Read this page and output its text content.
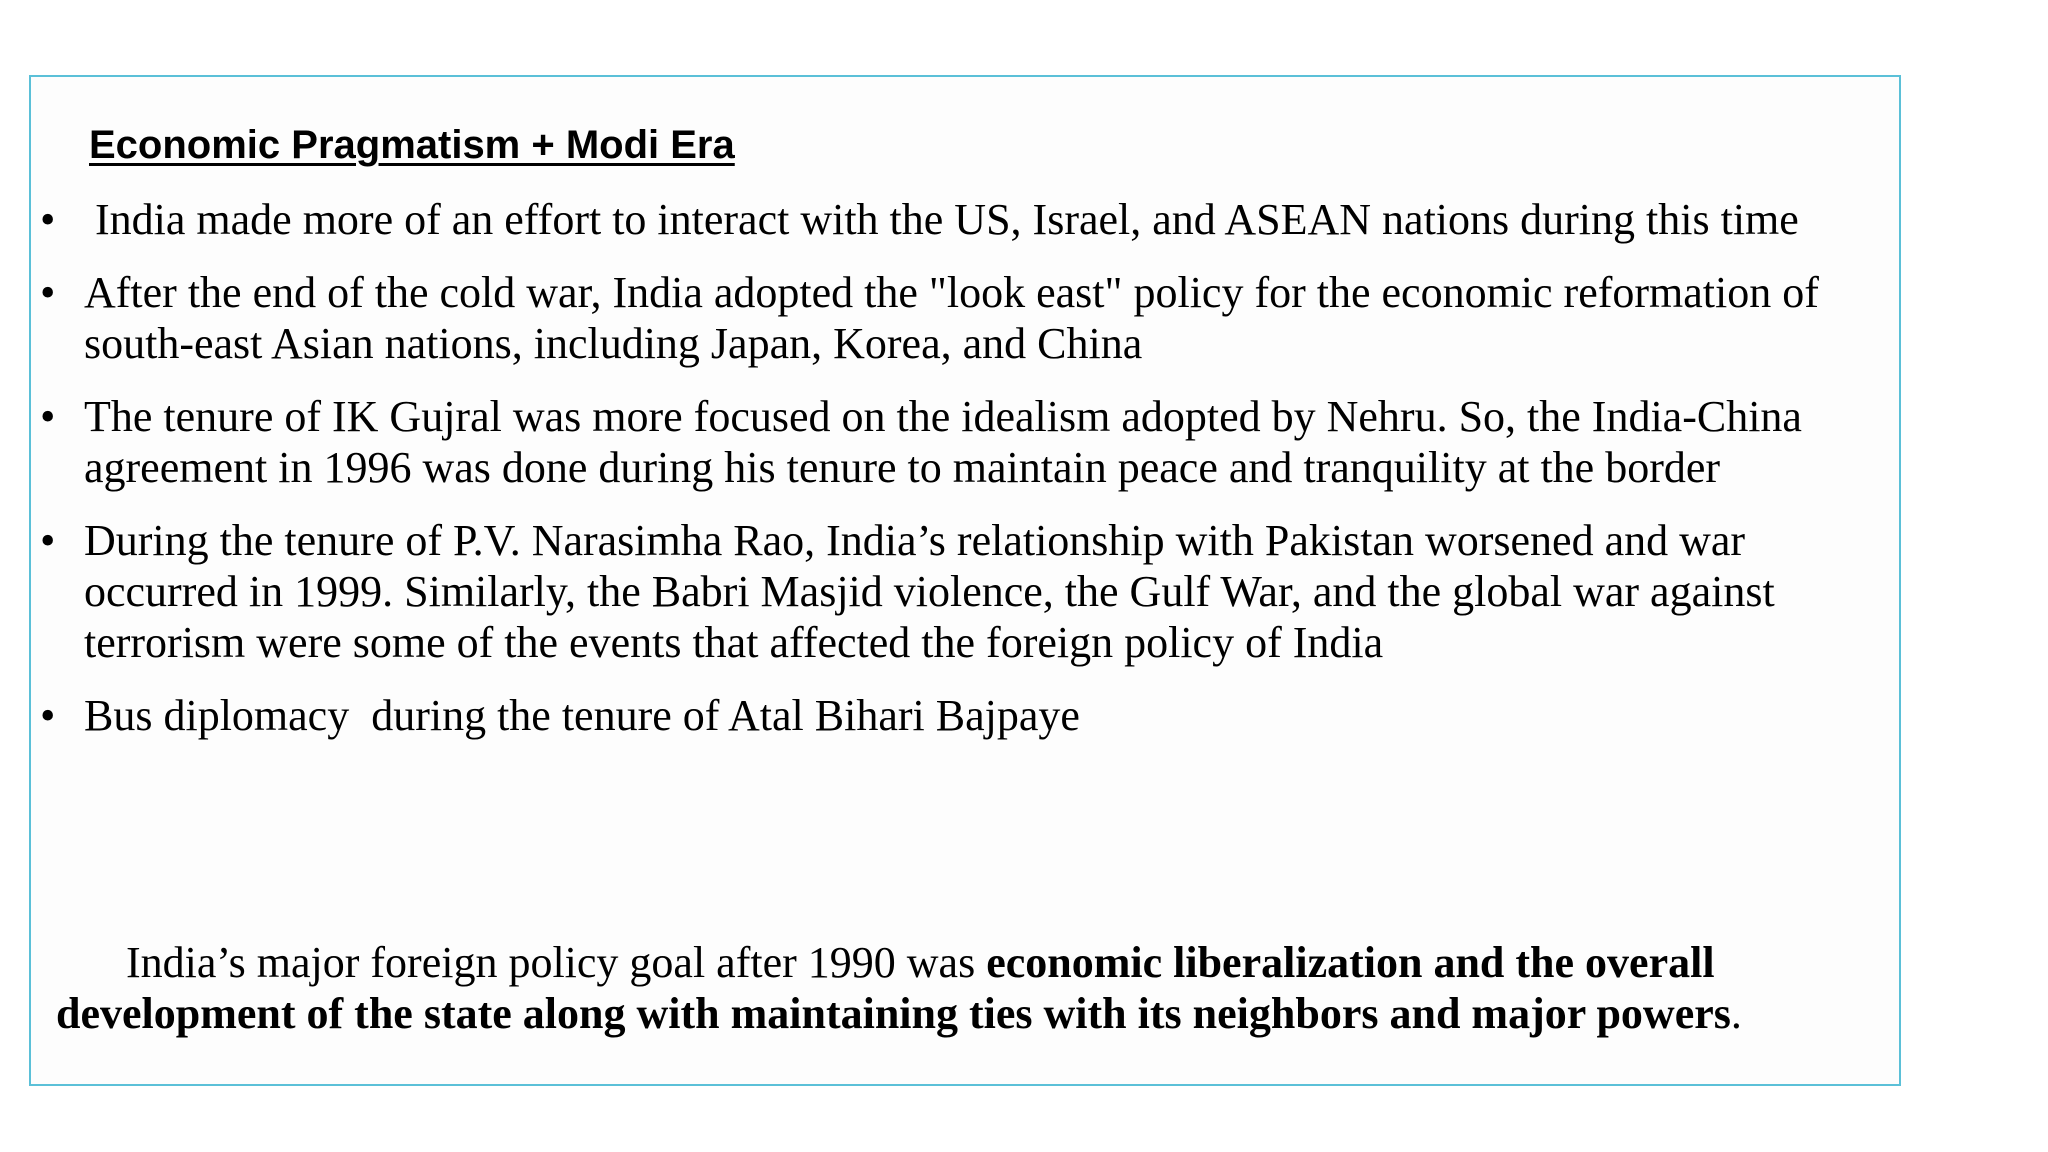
Economic Pragmatism + Modi Era
• India made more of an effort to interact with the US, Israel, and ASEAN nations during this time
• After the end of the cold war, India adopted the "look east" policy for the economic reformation of south-east Asian nations, including Japan, Korea, and China
• The tenure of IK Gujral was more focused on the idealism adopted by Nehru. So, the India-China agreement in 1996 was done during his tenure to maintain peace and tranquility at the border
• During the tenure of P.V. Narasimha Rao, India’s relationship with Pakistan worsened and war occurred in 1999. Similarly, the Babri Masjid violence, the Gulf War, and the global war against terrorism were some of the events that affected the foreign policy of India
• Bus diplomacy  during the tenure of Atal Bihari Bajpaye

India’s major foreign policy goal after 1990 was economic liberalization and the overall development of the state along with maintaining ties with its neighbors and major powers.
